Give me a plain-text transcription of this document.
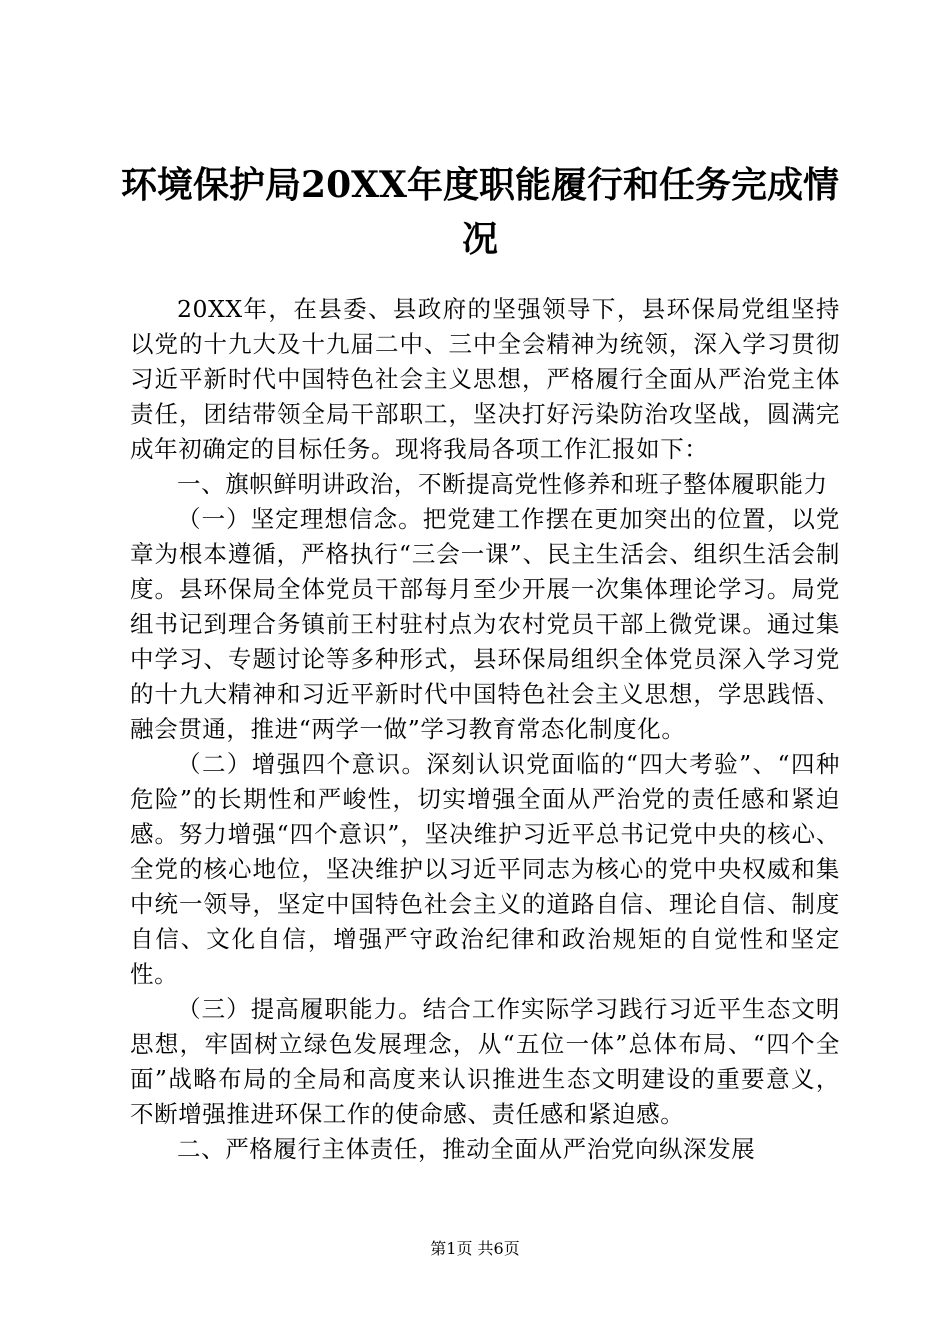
环境保护局20XX年度职能履行和任务完成情
况

20XX年，在县委、县政府的坚强领导下，县环保局党组坚持以党的十九大及十九届二中、三中全会精神为统领，深入学习贯彻习近平新时代中国特色社会主义思想，严格履行全面从严治党主体责任，团结带领全局干部职工，坚决打好污染防治攻坚战，圆满完成年初确定的目标任务。现将我局各项工作汇报如下：

一、旗帜鲜明讲政治，不断提高党性修养和班子整体履职能力

（一）坚定理想信念。把党建工作摆在更加突出的位置，以党章为根本遵循，严格执行“三会一课”、民主生活会、组织生活会制度。县环保局全体党员干部每月至少开展一次集体理论学习。局党组书记到理合务镇前王村驻村点为农村党员干部上微党课。通过集中学习、专题讨论等多种形式，县环保局组织全体党员深入学习党的十九大精神和习近平新时代中国特色社会主义思想，学思践悟、融会贯通，推进“两学一做”学习教育常态化制度化。

（二）增强四个意识。深刻认识党面临的“四大考验”、“四种危险”的长期性和严峻性，切实增强全面从严治党的责任感和紧迫感。努力增强“四个意识”，坚决维护习近平总书记党中央的核心、全党的核心地位，坚决维护以习近平同志为核心的党中央权威和集中统一领导，坚定中国特色社会主义的道路自信、理论自信、制度自信、文化自信，增强严守政治纪律和政治规矩的自觉性和坚定性。

（三）提高履职能力。结合工作实际学习践行习近平生态文明思想，牢固树立绿色发展理念，从“五位一体”总体布局、“四个全面”战略布局的全局和高度来认识推进生态文明建设的重要意义，不断增强推进环保工作的使命感、责任感和紧迫感。

二、严格履行主体责任，推动全面从严治党向纵深发展

第1页 共6页
